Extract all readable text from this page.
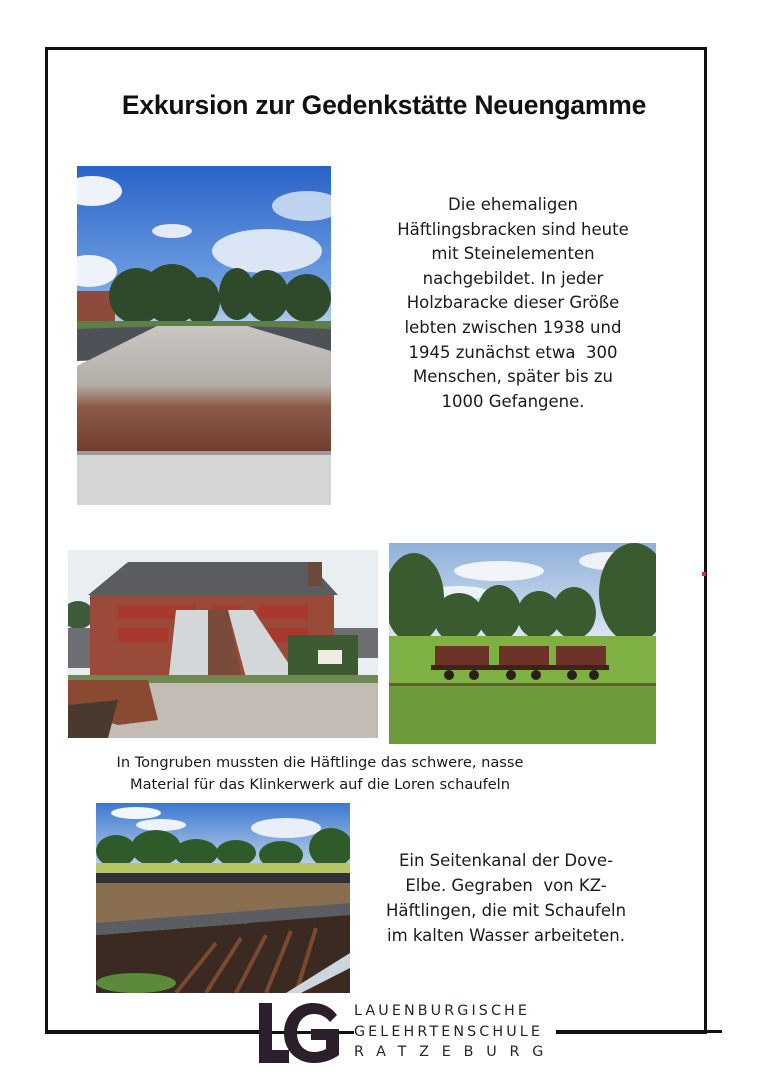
Exkursion zur Gedenkstätte Neuengamme
Die ehemaligen
Häftlingsbracken sind heute
mit Steinelementen
nachgebildet. In jeder
Holzbaracke dieser Größe
lebten zwischen 1938 und
1945 zunächst etwa  300
Menschen, später bis zu
1000 Gefangene.
In Tongruben mussten die Häftlinge das schwere, nasse
Material für das Klinkerwerk auf die Loren schaufeln
Ein Seitenkanal der Dove-
Elbe. Gegraben  von KZ-
Häftlingen, die mit Schaufeln
im kalten Wasser arbeiteten.
LAUENBURGISCHE
GELEHRTENSCHULE
RATZEBURG
